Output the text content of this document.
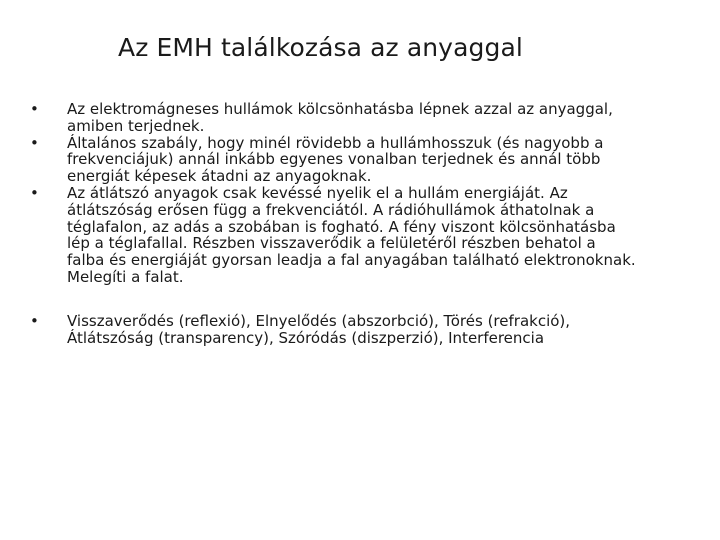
Az EMH találkozása az anyaggal
•	Az elektromágneses hullámok kölcsönhatásba lépnek azzal az anyaggal,
amiben terjednek.
•	Általános szabály, hogy minél rövidebb a hullámhosszuk (és nagyobb a
frekvenciájuk) annál inkább egyenes vonalban terjednek és annál több
energiát képesek átadni az anyagoknak.
•	Az átlátszó anyagok csak kevéssé nyelik el a hullám energiáját. Az
átlátszóság erősen függ a frekvenciától. A rádióhullámok áthatolnak a
téglafalon, az adás a szobában is fogható. A fény viszont kölcsönhatásba
lép a téglafallal. Részben visszaverődik a felületéről részben behatol a
falba és energiáját gyorsan leadja a fal anyagában található elektronoknak.
Melegíti a falat.
•	Visszaverődés (reflexió), Elnyelődés (abszorbció), Törés (refrakció),
Átlátszóság (transparency), Szóródás (diszperzió), Interferencia
